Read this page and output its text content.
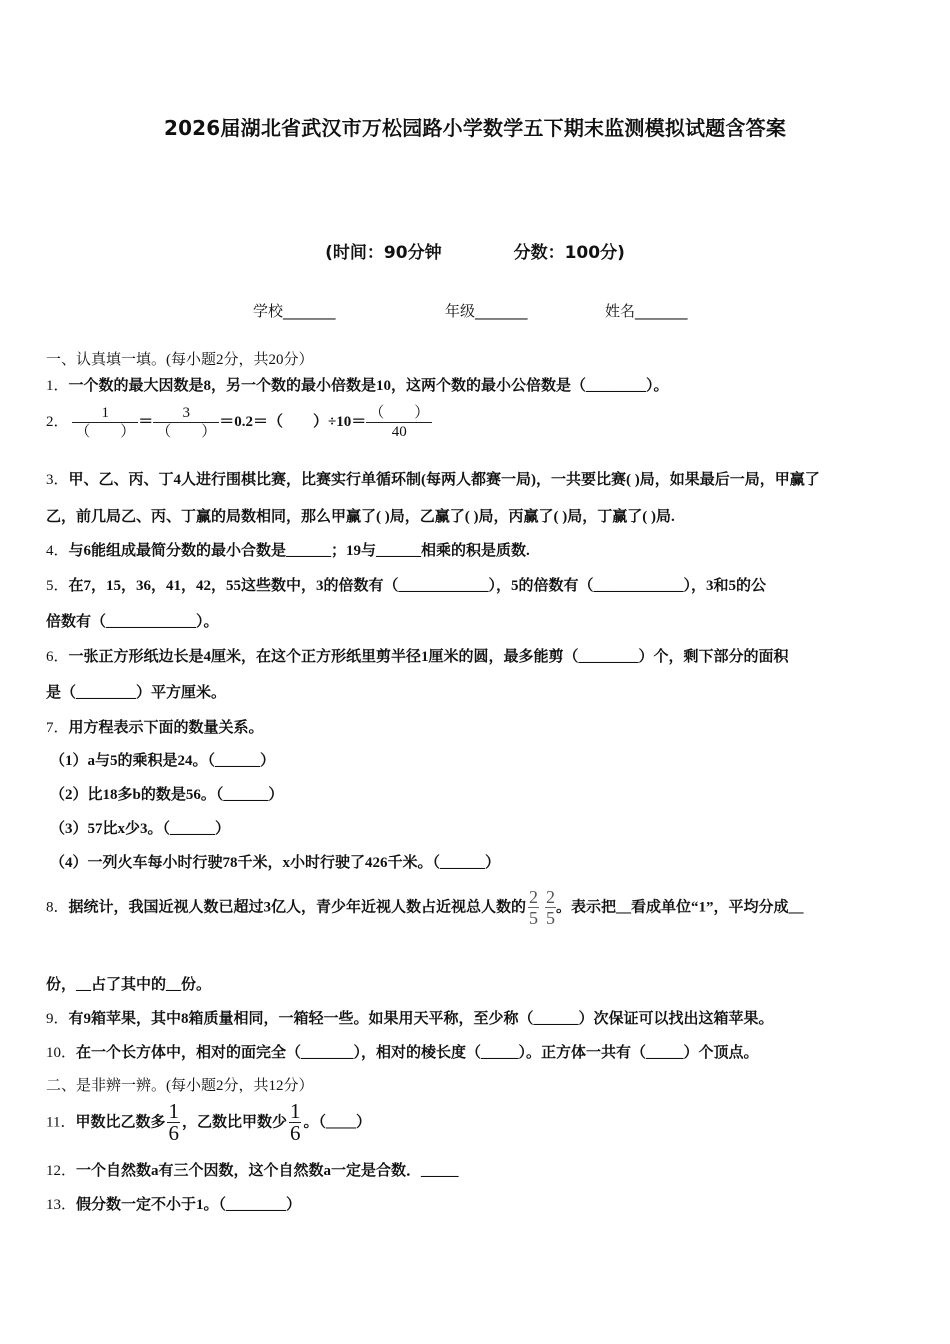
2026届湖北省武汉市万松园路小学数学五下期末监测模拟试题含答案
(时间：90分钟	分数：100分)
学校_______	年级_______	姓名_______
一、认真填一填。(每小题2分，共20分）
1．一个数的最大因数是8，另一个数的最小倍数是10，这两个数的最小公倍数是（________）。
2． $\frac{1}{( )} = \frac{3}{( )} =0.2=$（　　）$\div 10= \frac{( )}{40}$
3．甲、乙、丙、丁4人进行围棋比赛，比赛实行单循环制(每两人都赛一局)，一共要比赛( )局，如果最后一局，甲赢了
乙，前几局乙、丙、丁赢的局数相同，那么甲赢了( )局，乙赢了( )局，丙赢了( )局，丁赢了( )局.
4．与6能组成最简分数的最小合数是______；19与______相乘的积是质数.
5．在7，15，36，41，42，55这些数中，3的倍数有（____________），5的倍数有（____________），3和5的公
倍数有（____________）。
6．一张正方形纸边长是4厘米，在这个正方形纸里剪半径1厘米的圆，最多能剪（________）个，剩下部分的面积
是（________）平方厘米。
7．用方程表示下面的数量关系。
（1）a与5的乘积是24。（______）
（2）比18多b的数是56。（______）
（3）57比x少3。（______）
（4）一列火车每小时行驶78千米，x小时行驶了426千米。（______）
8．据统计，我国近视人数已超过3亿人，青少年近视人数占近视总人数的 $\frac{2}{5} \frac{2}{5}$ 。表示把__看成单位“1”，平均分成__
份，__占了其中的__份。
9．有9箱苹果，其中8箱质量相同，一箱轻一些。如果用天平称，至少称（______）次保证可以找出这箱苹果。
10．在一个长方体中，相对的面完全（_______），相对的棱长度（_____）。正方体一共有（_____）个顶点。
二、是非辨一辨。(每小题2分，共12分）
11．甲数比乙数多 $\frac{1}{6}$ ，乙数比甲数少 $\frac{1}{6}$ 。（____）
12．一个自然数a有三个因数，这个自然数a一定是合数．_____
13．假分数一定不小于1。（________）
